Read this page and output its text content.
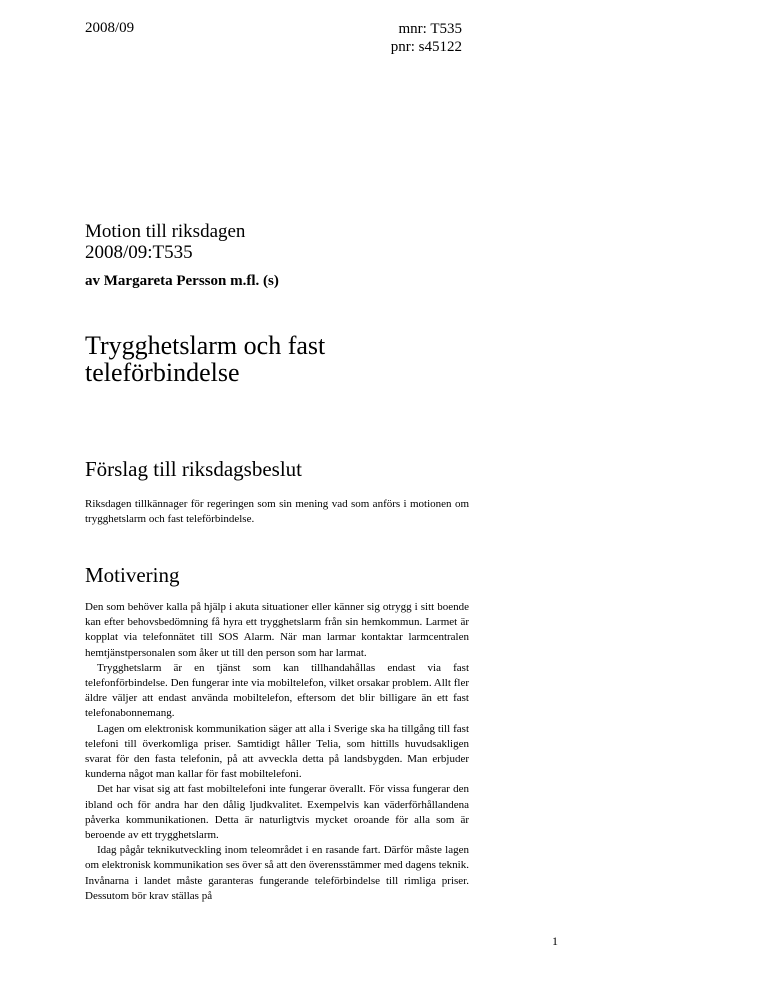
2008/09	mnr: T535
pnr: s45122
Motion till riksdagen
2008/09:T535
av Margareta Persson m.fl. (s)
Trygghetslarm och fast
teleförbindelse
Förslag till riksdagsbeslut
Riksdagen tillkännager för regeringen som sin mening vad som anförs i motionen om trygghetslarm och fast teleförbindelse.
Motivering

Den som behöver kalla på hjälp i akuta situationer eller känner sig otrygg i sitt boende kan efter behovsbedömning få hyra ett trygghetslarm från sin hemkommun. Larmet är kopplat via telefonnätet till SOS Alarm. När man larmar kontaktar larmcentralen hemtjänstpersonalen som åker ut till den person som har larmat.

Trygghetslarm är en tjänst som kan tillhandahållas endast via fast telefonförbindelse. Den fungerar inte via mobiltelefon, vilket orsakar problem. Allt fler äldre väljer att endast använda mobiltelefon, eftersom det blir billigare än ett fast telefonabonnemang.

Lagen om elektronisk kommunikation säger att alla i Sverige ska ha tillgång till fast telefoni till överkomliga priser. Samtidigt håller Telia, som hittills huvudsakligen svarat för den fasta telefonin, på att avveckla detta på landsbygden. Man erbjuder kunderna något man kallar för fast mobiltelefoni.

Det har visat sig att fast mobiltelefoni inte fungerar överallt. För vissa fungerar den ibland och för andra har den dålig ljudkvalitet. Exempelvis kan väderförhållandena påverka kommunikationen. Detta är naturligtvis mycket oroande för alla som är beroende av ett trygghetslarm.

Idag pågår teknikutveckling inom teleområdet i en rasande fart. Därför måste lagen om elektronisk kommunikation ses över så att den överensstämmer med dagens teknik. Invånarna i landet måste garanteras fungerande teleförbindelse till rimliga priser. Dessutom bör krav ställas på

1
